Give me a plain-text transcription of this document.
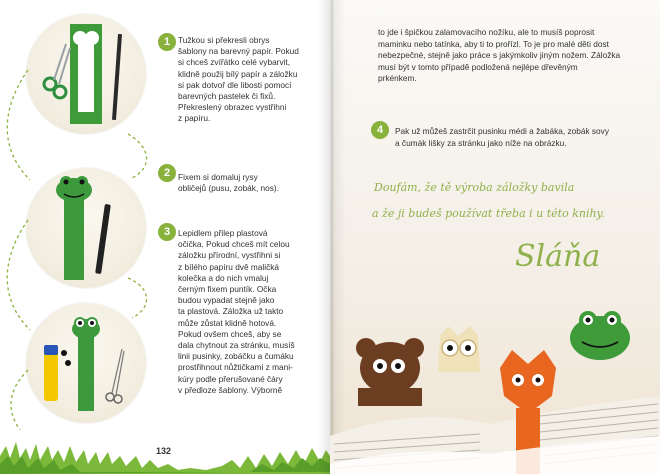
1 Tužkou si překresli obrys
šablony na barevný papír. Pokud
si chceš zvířátko celé vybarvit,
klidně použij bílý papír a záložku
si pak dotvoř dle libosti pomocí
barevných pastelek či fixů.
Překreslený obrazec vystřihni
z papíru.
2 Fixem si domaluj rysy
obličejů (pusu, zobák, nos).
3 Lepidlem přilep plastová
očička. Pokud chceš mít celou
záložku přírodní, vystřihni si
z bílého papíru dvě maličká
kolečka a do nich vmaluj
černým fixem puntík. Očka
budou vypadat stejně jako
ta plastová. Záložka už takto
může zůstat klidně hotová.
Pokud ovšem chceš, aby se
dala chytnout za stránku, musíš
linii pusinky, zobáčku a čumáku
prostřihnout nůžtičkami z mani-
kúry podle přerušované čáry
v předloze šablony. Výborně
132
to jde i špičkou zalamovacího nožíku, ale to musíš poprosit
maminku nebo tatínka, aby ti to prořízl. To je pro malé děti dost
nebezpečné, stejně jako práce s jakýmkoliv jiným nožem. Záložka
musí být v tomto případě podložená nejlépe dřevěným
prkénkem.
4	Pak už můžeš zastrčit pusinku médi a žabáka, zobák sovy
a čumák lišky za stránku jako níže na obrázku.
Doufám, že tě výroba záložky bavila
a že ji budeš používat třeba i u této knihy.
Sláňa
